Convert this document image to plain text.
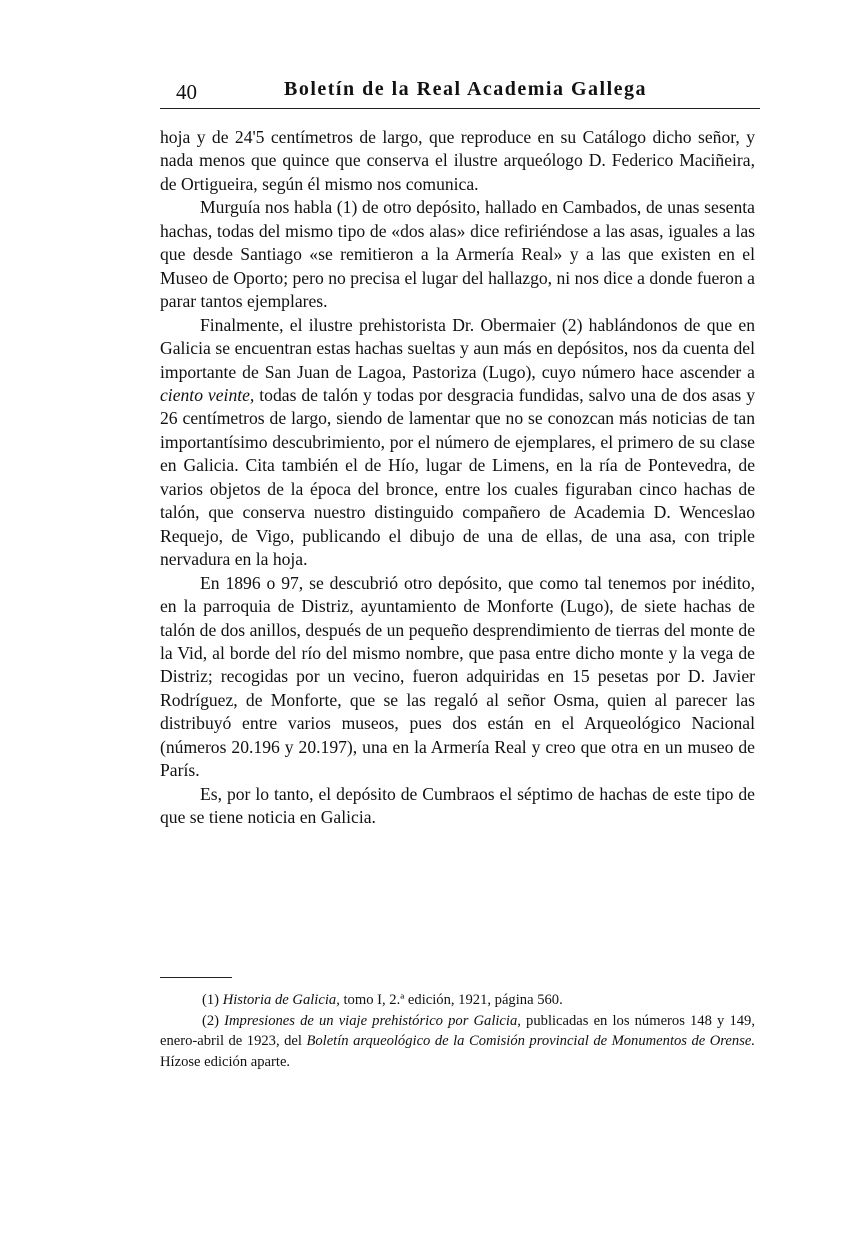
40	Boletín de la Real Academia Gallega

hoja y de 24'5 centímetros de largo, que reproduce en su Catálogo dicho señor, y nada menos que quince que conserva el ilustre arqueólogo D. Federico Maciñeira, de Ortigueira, según él mismo nos comunica.

Murguía nos habla (1) de otro depósito, hallado en Cambados, de unas sesenta hachas, todas del mismo tipo de «dos alas» dice refiriéndose a las asas, iguales a las que desde Santiago «se remitieron a la Armería Real» y a las que existen en el Museo de Oporto; pero no precisa el lugar del hallazgo, ni nos dice a donde fueron a parar tantos ejemplares.

Finalmente, el ilustre prehistorista Dr. Obermaier (2) hablándonos de que en Galicia se encuentran estas hachas sueltas y aun más en depósitos, nos da cuenta del importante de San Juan de Lagoa, Pastoriza (Lugo), cuyo número hace ascender a ciento veinte, todas de talón y todas por desgracia fundidas, salvo una de dos asas y 26 centímetros de largo, siendo de lamentar que no se conozcan más noticias de tan importantísimo descubrimiento, por el número de ejemplares, el primero de su clase en Galicia. Cita también el de Hío, lugar de Limens, en la ría de Pontevedra, de varios objetos de la época del bronce, entre los cuales figuraban cinco hachas de talón, que conserva nuestro distinguido compañero de Academia D. Wenceslao Requejo, de Vigo, publicando el dibujo de una de ellas, de una asa, con triple nervadura en la hoja.

En 1896 o 97, se descubrió otro depósito, que como tal tenemos por inédito, en la parroquia de Distriz, ayuntamiento de Monforte (Lugo), de siete hachas de talón de dos anillos, después de un pequeño desprendimiento de tierras del monte de la Vid, al borde del río del mismo nombre, que pasa entre dicho monte y la vega de Distriz; recogidas por un vecino, fueron adquiridas en 15 pesetas por D. Javier Rodríguez, de Monforte, que se las regaló al señor Osma, quien al parecer las distribuyó entre varios museos, pues dos están en el Arqueológico Nacional (números 20.196 y 20.197), una en la Armería Real y creo que otra en un museo de París.

Es, por lo tanto, el depósito de Cumbraos el séptimo de hachas de este tipo de que se tiene noticia en Galicia.

(1) Historia de Galicia, tomo I, 2.ª edición, 1921, página 560.

(2) Impresiones de un viaje prehistórico por Galicia, publicadas en los números 148 y 149, enero-abril de 1923, del Boletín arqueológico de la Comisión provincial de Monumentos de Orense. Hízose edición aparte.
